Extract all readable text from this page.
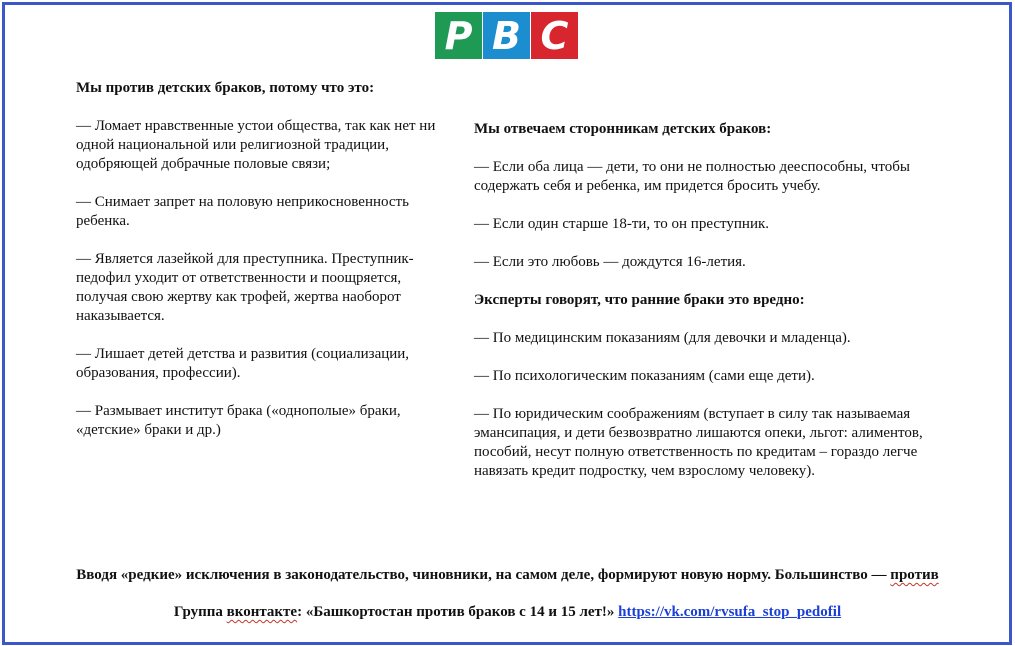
P B C

Мы против детских браков, потому что это:

— Ломает нравственные устои общества, так как нет ни одной национальной или религиозной традиции, одобряющей добрачные половые связи;

— Снимает запрет на половую неприкосновенность ребенка.

— Является лазейкой для преступника. Преступник-педофил уходит от ответственности и поощряется, получая свою жертву как трофей, жертва наоборот наказывается.

— Лишает детей детства и развития (социализации, образования, профессии).

— Размывает институт брака («однополые» браки, «детские» браки и др.)

Мы отвечаем сторонникам детских браков:

— Если оба лица — дети, то они не полностью дееспособны, чтобы содержать себя и ребенка, им придется бросить учебу.

— Если один старше 18-ти, то он преступник.

— Если это любовь — дождутся 16-летия.

Эксперты говорят, что ранние браки это вредно:

— По медицинским показаниям (для девочки и младенца).

— По психологическим показаниям (сами еще дети).

— По юридическим соображениям (вступает в силу так называемая эмансипация, и дети безвозвратно лишаются опеки, льгот: алиментов, пособий, несут полную ответственность по кредитам – гораздо легче навязать кредит подростку, чем взрослому человеку).

Вводя «редкие» исключения в законодательство, чиновники, на самом деле, формируют новую норму. Большинство — против
Группа вконтакте: «Башкортостан против браков с 14 и 15 лет!» https://vk.com/rvsufa_stop_pedofil
